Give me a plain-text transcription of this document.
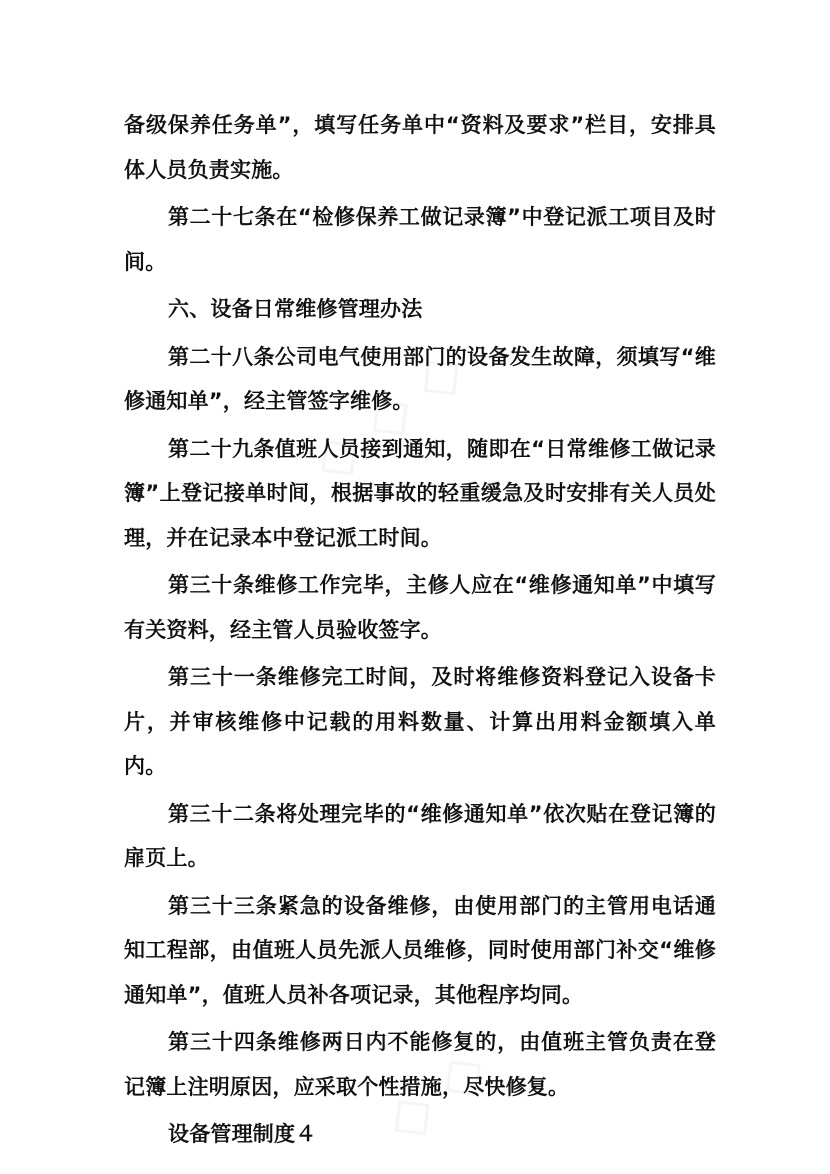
备级保养任务单”，填写任务单中“资料及要求”栏目，安排具体人员负责实施。

第二十七条在“检修保养工做记录簿”中登记派工项目及时间。

六、设备日常维修管理办法

第二十八条公司电气使用部门的设备发生故障，须填写“维修通知单”，经主管签字维修。

第二十九条值班人员接到通知，随即在“日常维修工做记录簿”上登记接单时间，根据事故的轻重缓急及时安排有关人员处理，并在记录本中登记派工时间。

第三十条维修工作完毕，主修人应在“维修通知单”中填写有关资料，经主管人员验收签字。

第三十一条维修完工时间，及时将维修资料登记入设备卡片，并审核维修中记载的用料数量、计算出用料金额填入单内。

第三十二条将处理完毕的“维修通知单”依次贴在登记簿的扉页上。

第三十三条紧急的设备维修，由使用部门的主管用电话通知工程部，由值班人员先派人员维修，同时使用部门补交“维修通知单”，值班人员补各项记录，其他程序均同。

第三十四条维修两日内不能修复的，由值班主管负责在登记簿上注明原因，应采取个性措施，尽快修复。

设备管理制度４
